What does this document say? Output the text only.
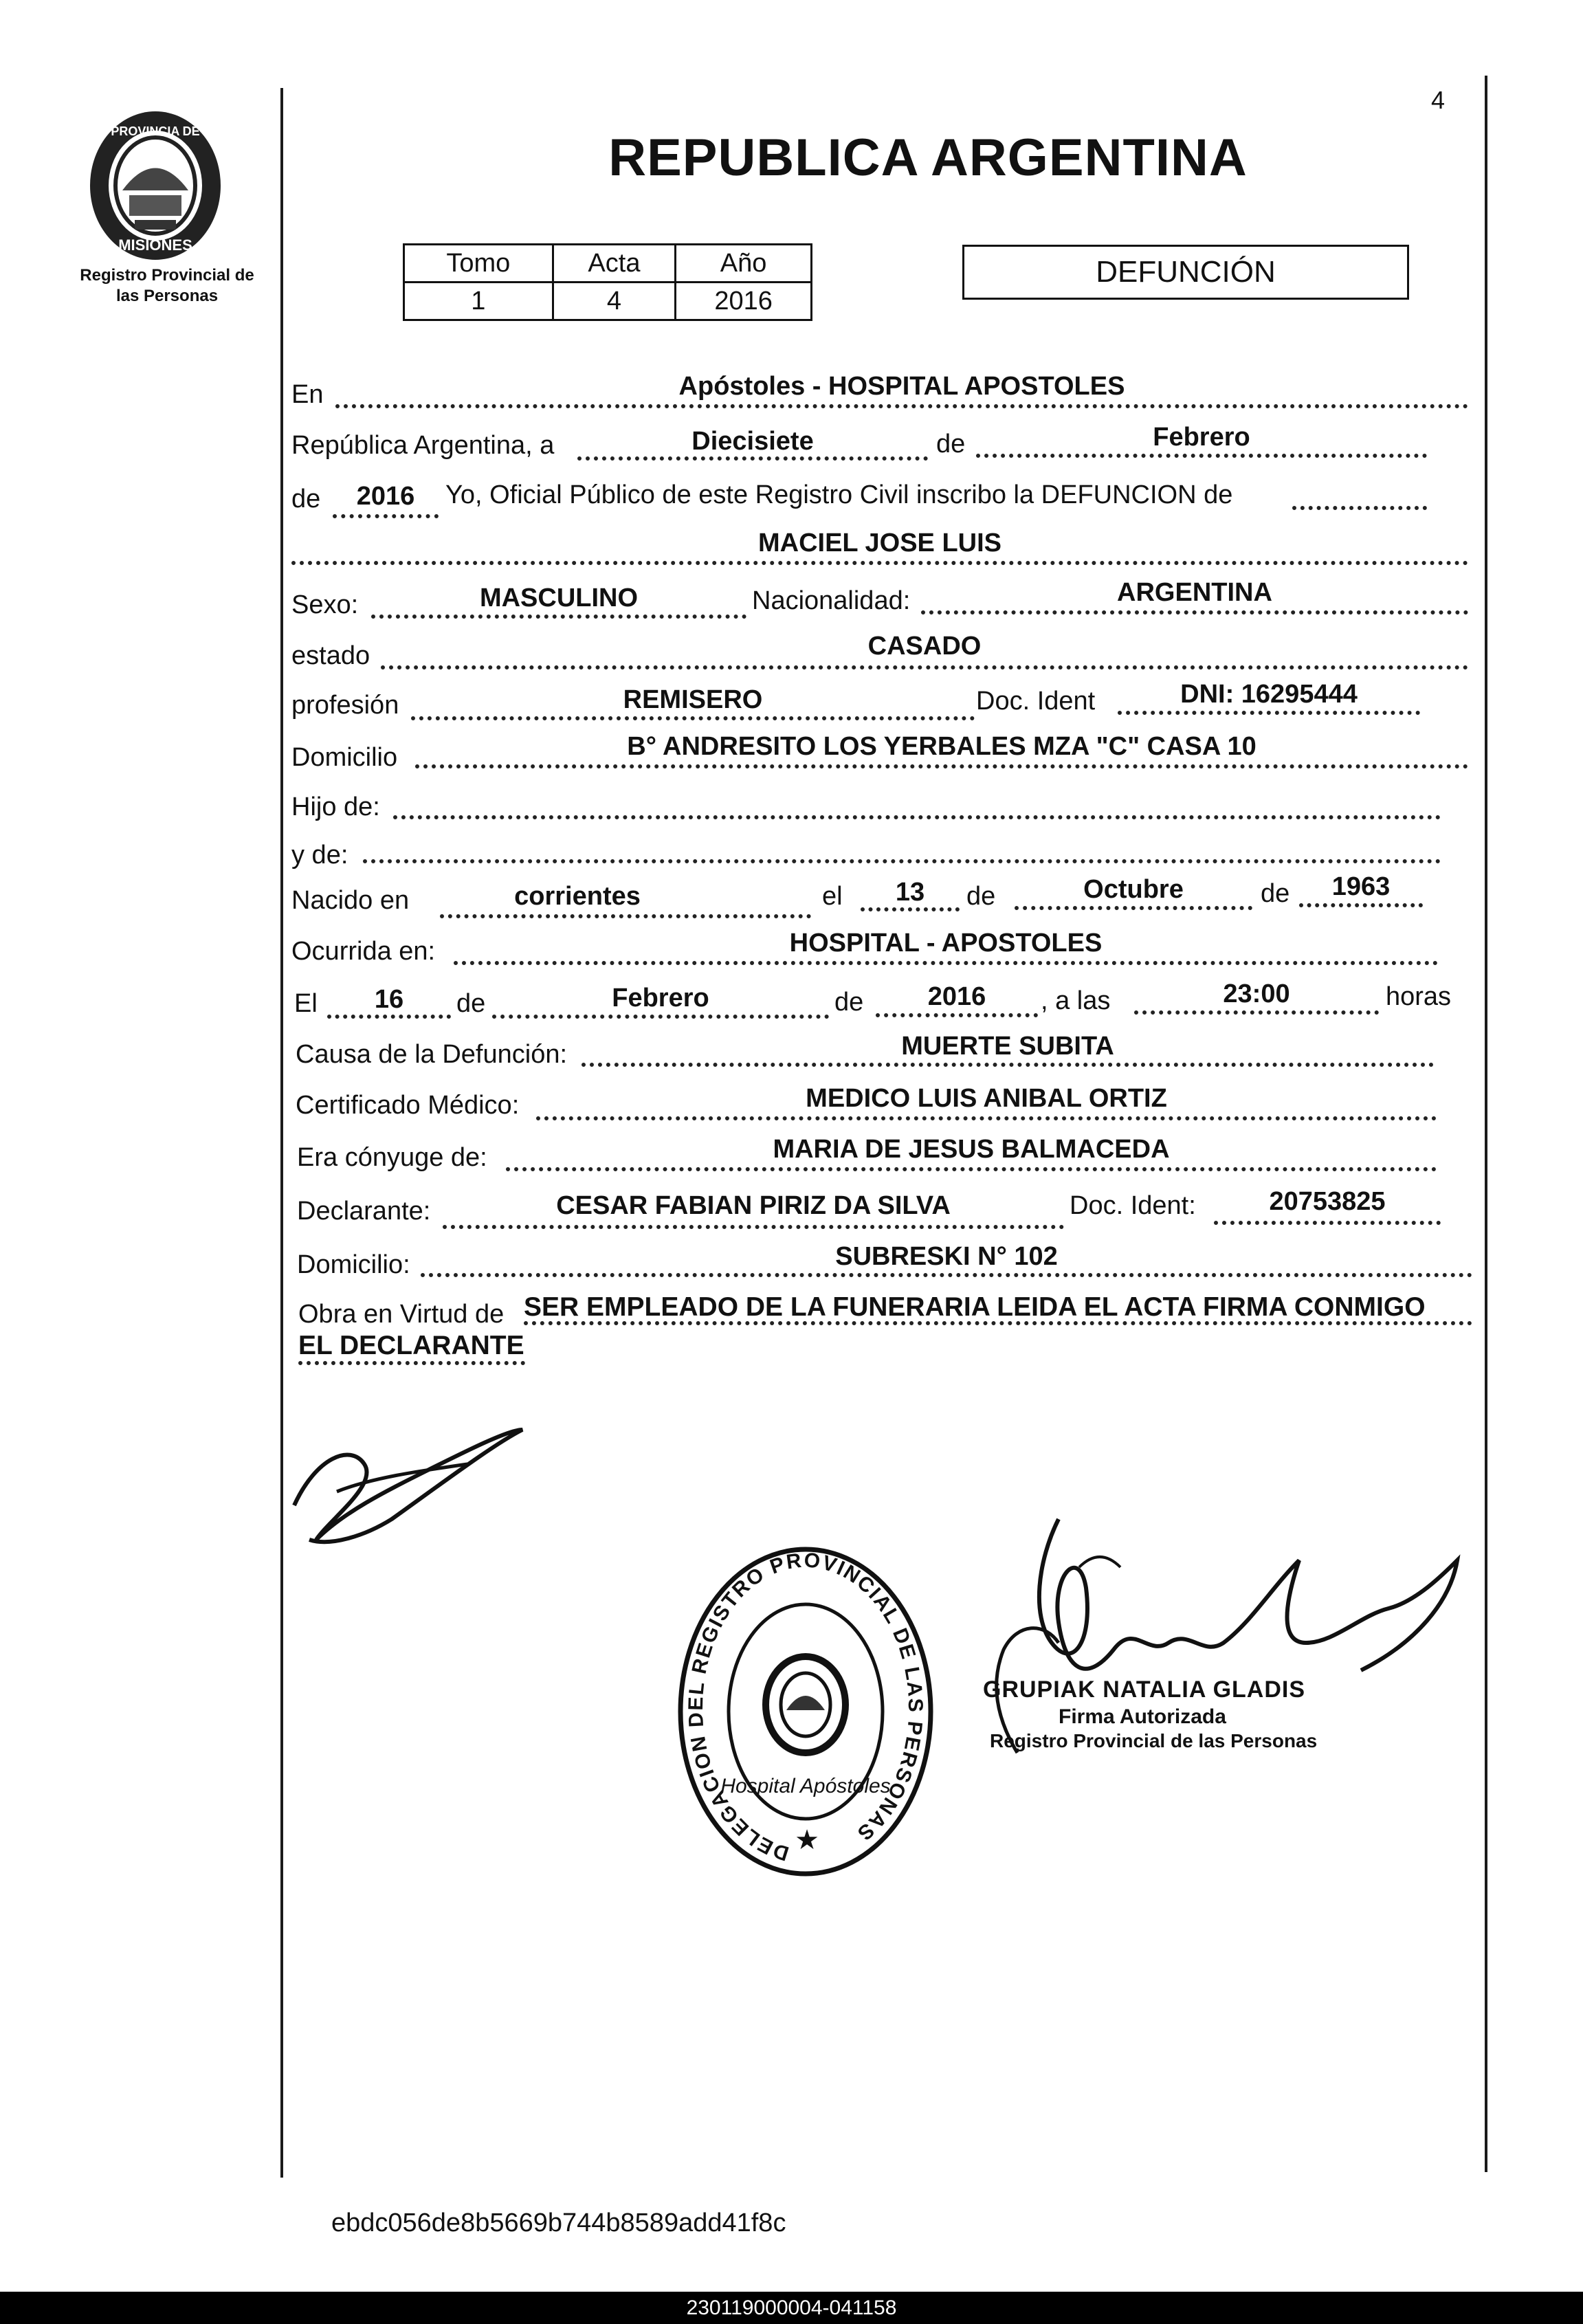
4
PROVINCIA DE
MISIONES
Registro Provincial de
las Personas
REPUBLICA ARGENTINA
Tomo	Acta	Año
1	4	2016
DEFUNCIÓN
En	Apóstoles - HOSPITAL APOSTOLES
República Argentina, a	Diecisiete	de	Febrero
de	2016	Yo, Oficial Público de este Registro Civil inscribo la DEFUNCION de
MACIEL JOSE LUIS
Sexo:	MASCULINO	Nacionalidad:	ARGENTINA
estado	CASADO
profesión	REMISERO	Doc. Ident	DNI: 16295444
Domicilio	B° ANDRESITO LOS YERBALES MZA "C" CASA 10
Hijo de:
y de:
Nacido en	corrientes	el	13	de	Octubre	de	1963
Ocurrida en:	HOSPITAL - APOSTOLES
El	16	de	Febrero	de	2016	, a las	23:00	horas
Causa de la Defunción:	MUERTE SUBITA
Certificado Médico:	MEDICO LUIS ANIBAL ORTIZ
Era cónyuge de:	MARIA DE JESUS BALMACEDA
Declarante:	CESAR FABIAN PIRIZ DA SILVA	Doc. Ident:	20753825
Domicilio:	SUBRESKI N° 102
Obra en Virtud de SER EMPLEADO DE LA FUNERARIA LEIDA EL ACTA FIRMA CONMIGO
EL DECLARANTE
DELEGACION DEL REGISTRO PROVINCIAL DE LAS PERSONAS
Hospital Apóstoles
★
GRUPIAK NATALIA GLADIS
Firma Autorizada
Registro Provincial de las Personas
ebdc056de8b5669b744b8589add41f8c
230119000004-041158
